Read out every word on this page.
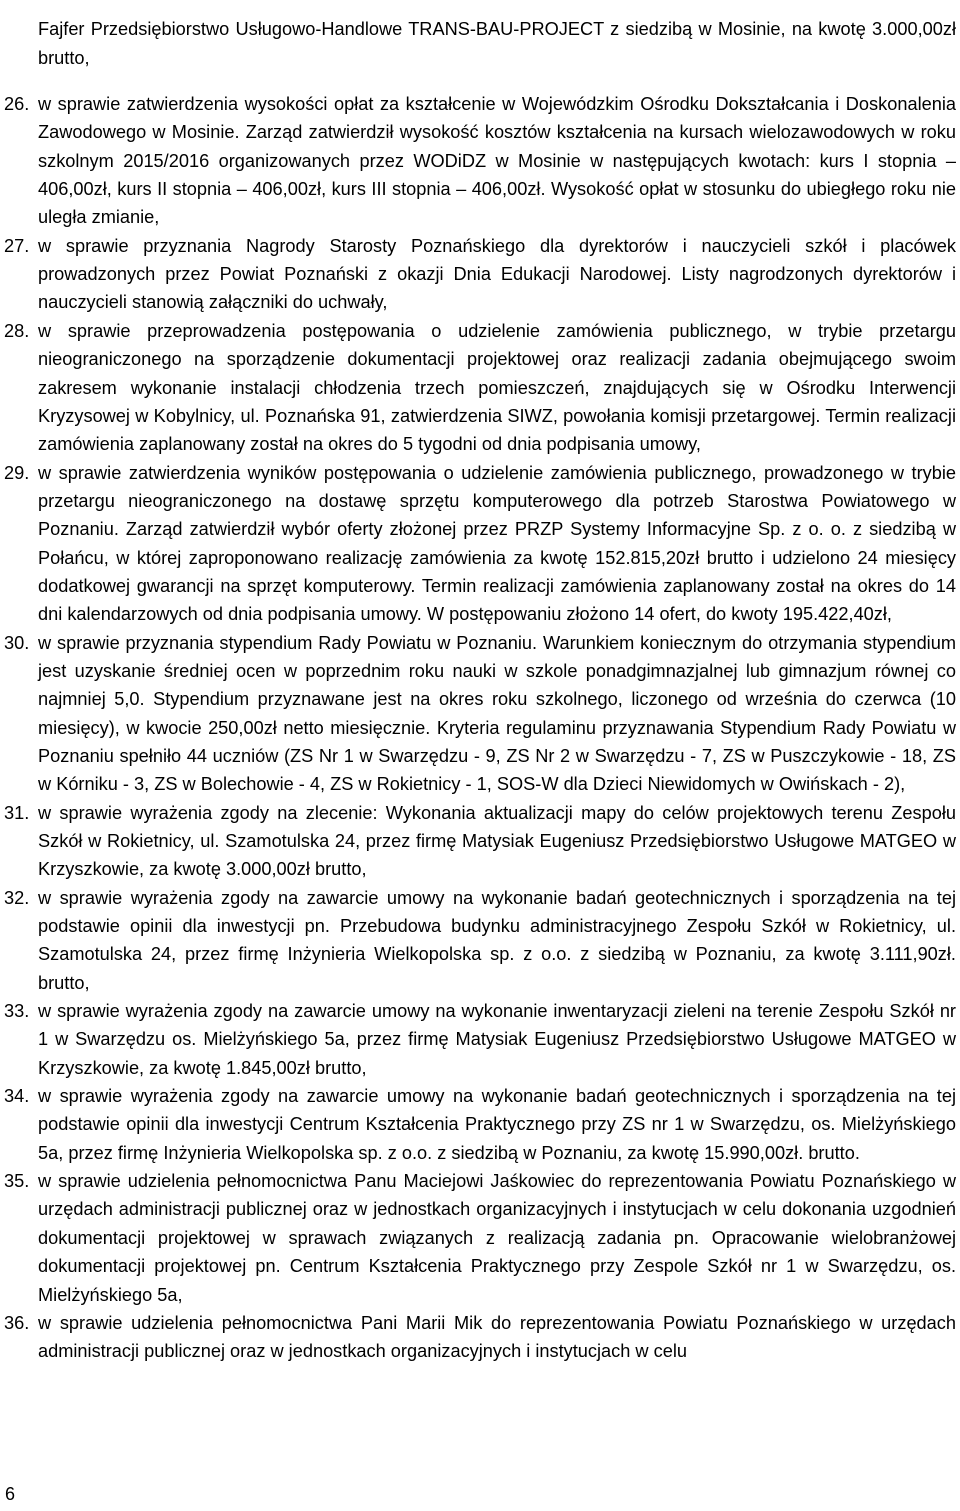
Fajfer Przedsiębiorstwo Usługowo-Handlowe TRANS-BAU-PROJECT z siedzibą w Mosinie, na kwotę 3.000,00zł brutto,

26. w sprawie zatwierdzenia wysokości opłat za kształcenie w Wojewódzkim Ośrodku Dokształcania i Doskonalenia Zawodowego w Mosinie. Zarząd zatwierdził wysokość kosztów kształcenia na kursach wielozawodowych w roku szkolnym 2015/2016 organizowanych przez WODiDZ w Mosinie w następujących kwotach: kurs I stopnia – 406,00zł, kurs II stopnia – 406,00zł, kurs III stopnia – 406,00zł. Wysokość opłat w stosunku do ubiegłego roku nie uległa zmianie,
27. w sprawie przyznania Nagrody Starosty Poznańskiego dla dyrektorów i nauczycieli szkół i placówek prowadzonych przez Powiat Poznański z okazji Dnia Edukacji Narodowej. Listy nagrodzonych dyrektorów i nauczycieli stanowią załączniki do uchwały,
28. w sprawie przeprowadzenia postępowania o udzielenie zamówienia publicznego, w trybie przetargu nieograniczonego na sporządzenie dokumentacji projektowej oraz realizacji zadania obejmującego swoim zakresem wykonanie instalacji chłodzenia trzech pomieszczeń, znajdujących się w Ośrodku Interwencji Kryzysowej w Kobylnicy, ul. Poznańska 91, zatwierdzenia SIWZ, powołania komisji przetargowej. Termin realizacji zamówienia zaplanowany został na okres do 5 tygodni od dnia podpisania umowy,
29. w sprawie zatwierdzenia wyników postępowania o udzielenie zamówienia publicznego, prowadzonego w trybie przetargu nieograniczonego na dostawę sprzętu komputerowego dla potrzeb Starostwa Powiatowego w Poznaniu. Zarząd zatwierdził wybór oferty złożonej przez PRZP Systemy Informacyjne Sp. z o. o. z siedzibą w Połańcu, w której zaproponowano realizację zamówienia za kwotę 152.815,20zł brutto i udzielono 24 miesięcy dodatkowej gwarancji na sprzęt komputerowy. Termin realizacji zamówienia zaplanowany został na okres do 14 dni kalendarzowych od dnia podpisania umowy. W postępowaniu złożono 14 ofert, do kwoty 195.422,40zł,
30. w sprawie przyznania stypendium Rady Powiatu w Poznaniu. Warunkiem koniecznym do otrzymania stypendium jest uzyskanie średniej ocen w poprzednim roku nauki w szkole ponadgimnazjalnej lub gimnazjum równej co najmniej 5,0. Stypendium przyznawane jest na okres roku szkolnego, liczonego od września do czerwca (10 miesięcy), w kwocie 250,00zł netto miesięcznie. Kryteria regulaminu przyznawania Stypendium Rady Powiatu w Poznaniu spełniło 44 uczniów (ZS Nr 1 w Swarzędzu - 9, ZS Nr 2 w Swarzędzu - 7, ZS w Puszczykowie - 18, ZS w Kórniku - 3, ZS w Bolechowie - 4, ZS w Rokietnicy - 1, SOS-W dla Dzieci Niewidomych w Owińskach - 2),
31. w sprawie wyrażenia zgody na zlecenie: Wykonania aktualizacji mapy do celów projektowych terenu Zespołu Szkół w Rokietnicy, ul. Szamotulska 24, przez firmę Matysiak Eugeniusz Przedsiębiorstwo Usługowe MATGEO w Krzyszkowie, za kwotę 3.000,00zł brutto,
32. w sprawie wyrażenia zgody na zawarcie umowy na wykonanie badań geotechnicznych i sporządzenia na tej podstawie opinii dla inwestycji pn. Przebudowa budynku administracyjnego Zespołu Szkół w Rokietnicy, ul. Szamotulska 24, przez firmę Inżynieria Wielkopolska sp. z o.o. z siedzibą w Poznaniu, za kwotę 3.111,90zł. brutto,
33. w sprawie wyrażenia zgody na zawarcie umowy na wykonanie inwentaryzacji zieleni na terenie Zespołu Szkół nr 1 w Swarzędzu os. Mielżyńskiego 5a, przez firmę Matysiak Eugeniusz Przedsiębiorstwo Usługowe MATGEO w Krzyszkowie, za kwotę 1.845,00zł brutto,
34. w sprawie wyrażenia zgody na zawarcie umowy na wykonanie badań geotechnicznych i sporządzenia na tej podstawie opinii dla inwestycji Centrum Kształcenia Praktycznego przy ZS nr 1 w Swarzędzu, os. Mielżyńskiego 5a, przez firmę Inżynieria Wielkopolska sp. z o.o. z siedzibą w Poznaniu, za kwotę 15.990,00zł. brutto.
35. w sprawie udzielenia pełnomocnictwa Panu Maciejowi Jaśkowiec do reprezentowania Powiatu Poznańskiego w urzędach administracji publicznej oraz w jednostkach organizacyjnych i instytucjach w celu dokonania uzgodnień dokumentacji projektowej w sprawach związanych z realizacją zadania pn. Opracowanie wielobranżowej dokumentacji projektowej pn. Centrum Kształcenia Praktycznego przy Zespole Szkół nr 1 w Swarzędzu, os. Mielżyńskiego 5a,
36. w sprawie udzielenia pełnomocnictwa Pani Marii Mik do reprezentowania Powiatu Poznańskiego w urzędach administracji publicznej oraz w jednostkach organizacyjnych i instytucjach w celu
6
